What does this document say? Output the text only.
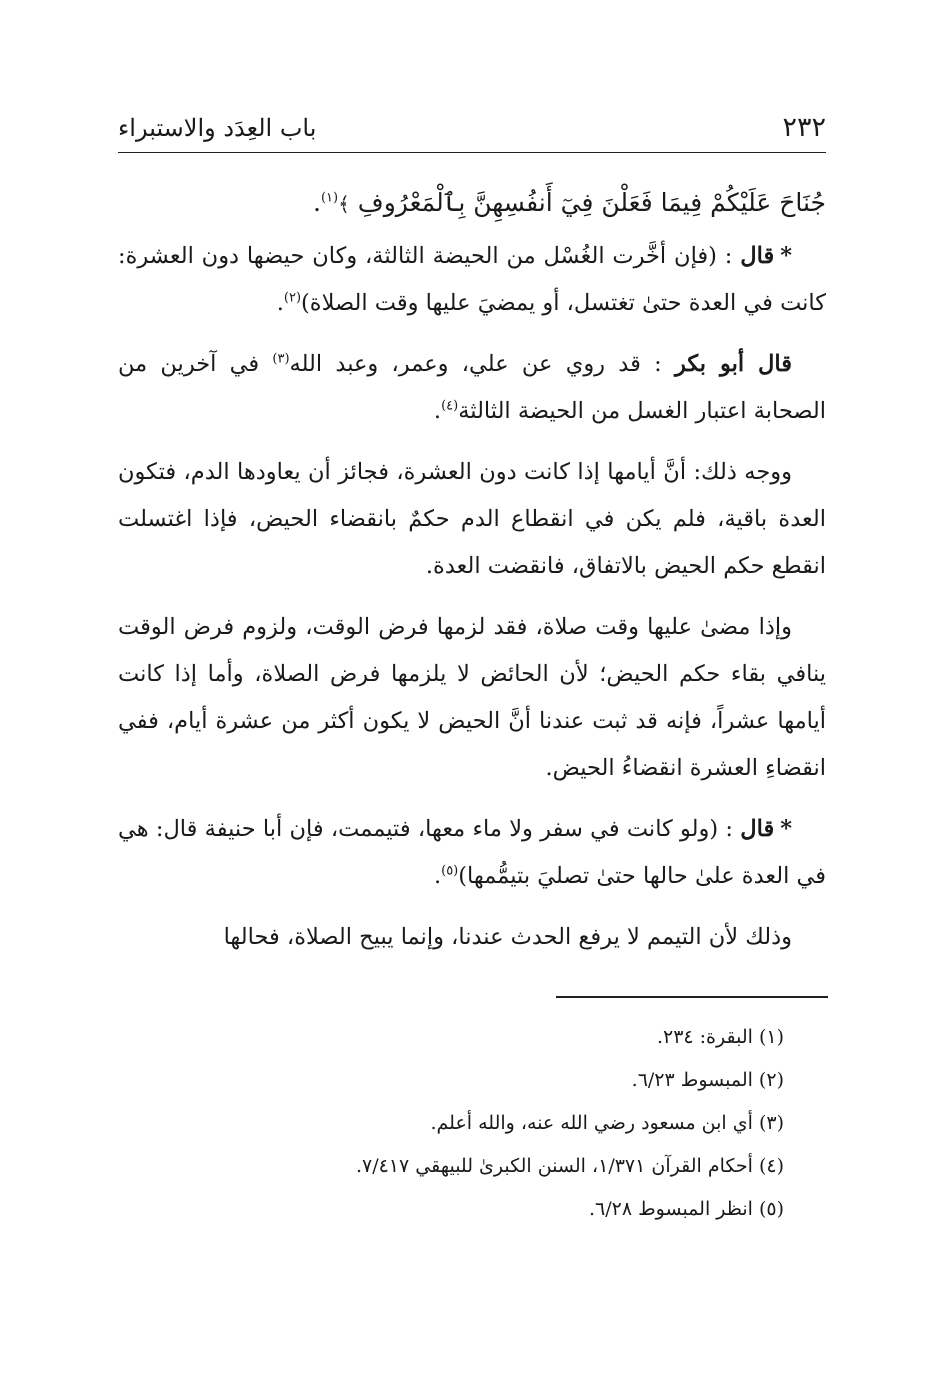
٢٣٢
باب العِدَد والاستبراء

جُنَاحَ عَلَيْكُمْ فِيمَا فَعَلْنَ فِيٓ أَنفُسِهِنَّ بِٱلْمَعْرُوفِ ﴾$^{(١)}$.

*قال : (فإن أخَّرت الغُسْل من الحيضة الثالثة، وكان حيضها دون العشرة: كانت في العدة حتىٰ تغتسل، أو يمضيَ عليها وقت الصلاة)$^{(٢)}$.

قال أبو بكر : قد روي عن علي، وعمر، وعبد الله$^{(٣)}$ في آخرين من الصحابة اعتبار الغسل من الحيضة الثالثة$^{(٤)}$.

ووجه ذلك: أنَّ أيامها إذا كانت دون العشرة، فجائز أن يعاودها الدم، فتكون العدة باقية، فلم يكن في انقطاع الدم حكمٌ بانقضاء الحيض، فإذا اغتسلت انقطع حكم الحيض بالاتفاق، فانقضت العدة.

وإذا مضىٰ عليها وقت صلاة، فقد لزمها فرض الوقت، ولزوم فرض الوقت ينافي بقاء حكم الحيض؛ لأن الحائض لا يلزمها فرض الصلاة، وأما إذا كانت أيامها عشراً، فإنه قد ثبت عندنا أنَّ الحيض لا يكون أكثر من عشرة أيام، ففي انقضاءِ العشرة انقضاءُ الحيض.

*قال : (ولو كانت في سفر ولا ماء معها، فتيممت، فإن أبا حنيفة قال: هي في العدة علىٰ حالها حتىٰ تصليَ بتيمُّمها)$^{(٥)}$.

وذلك لأن التيمم لا يرفع الحدث عندنا، وإنما يبيح الصلاة، فحالها

(١) البقرة: ٢٣٤.

(٢) المبسوط ٦/٢٣.

(٣) أي ابن مسعود رضي الله عنه، والله أعلم.

(٤) أحكام القرآن ١/٣٧١، السنن الكبرىٰ للبيهقي ٧/٤١٧.

(٥) انظر المبسوط ٦/٢٨.
